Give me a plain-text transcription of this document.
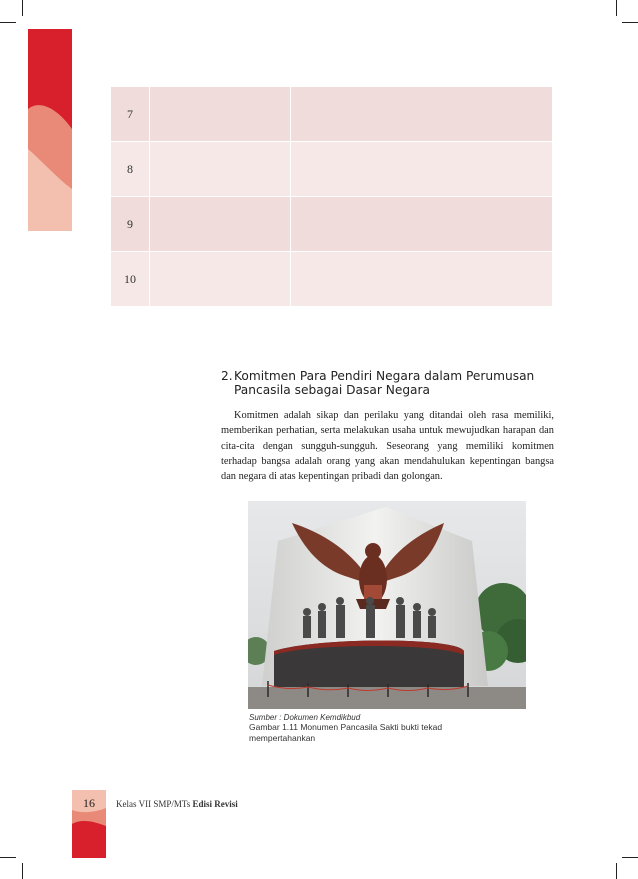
7		
8		
9		
10		
2. Komitmen Para Pendiri Negara dalam Perumusan
Pancasila sebagai Dasar Negara

Komitmen adalah sikap dan perilaku yang ditandai oleh rasa memiliki, memberikan perhatian, serta melakukan usaha untuk mewujudkan harapan dan cita-cita dengan sungguh-sungguh. Seseorang yang memiliki komitmen terhadap bangsa adalah orang yang akan mendahulukan kepentingan bangsa dan negara di atas kepentingan pribadi dan golongan.

Sumber : Dokumen Kemdikbud
Gambar 1.11 Monumen Pancasila Sakti bukti tekad
mempertahankan
16	Kelas VII SMP/MTs Edisi Revisi
